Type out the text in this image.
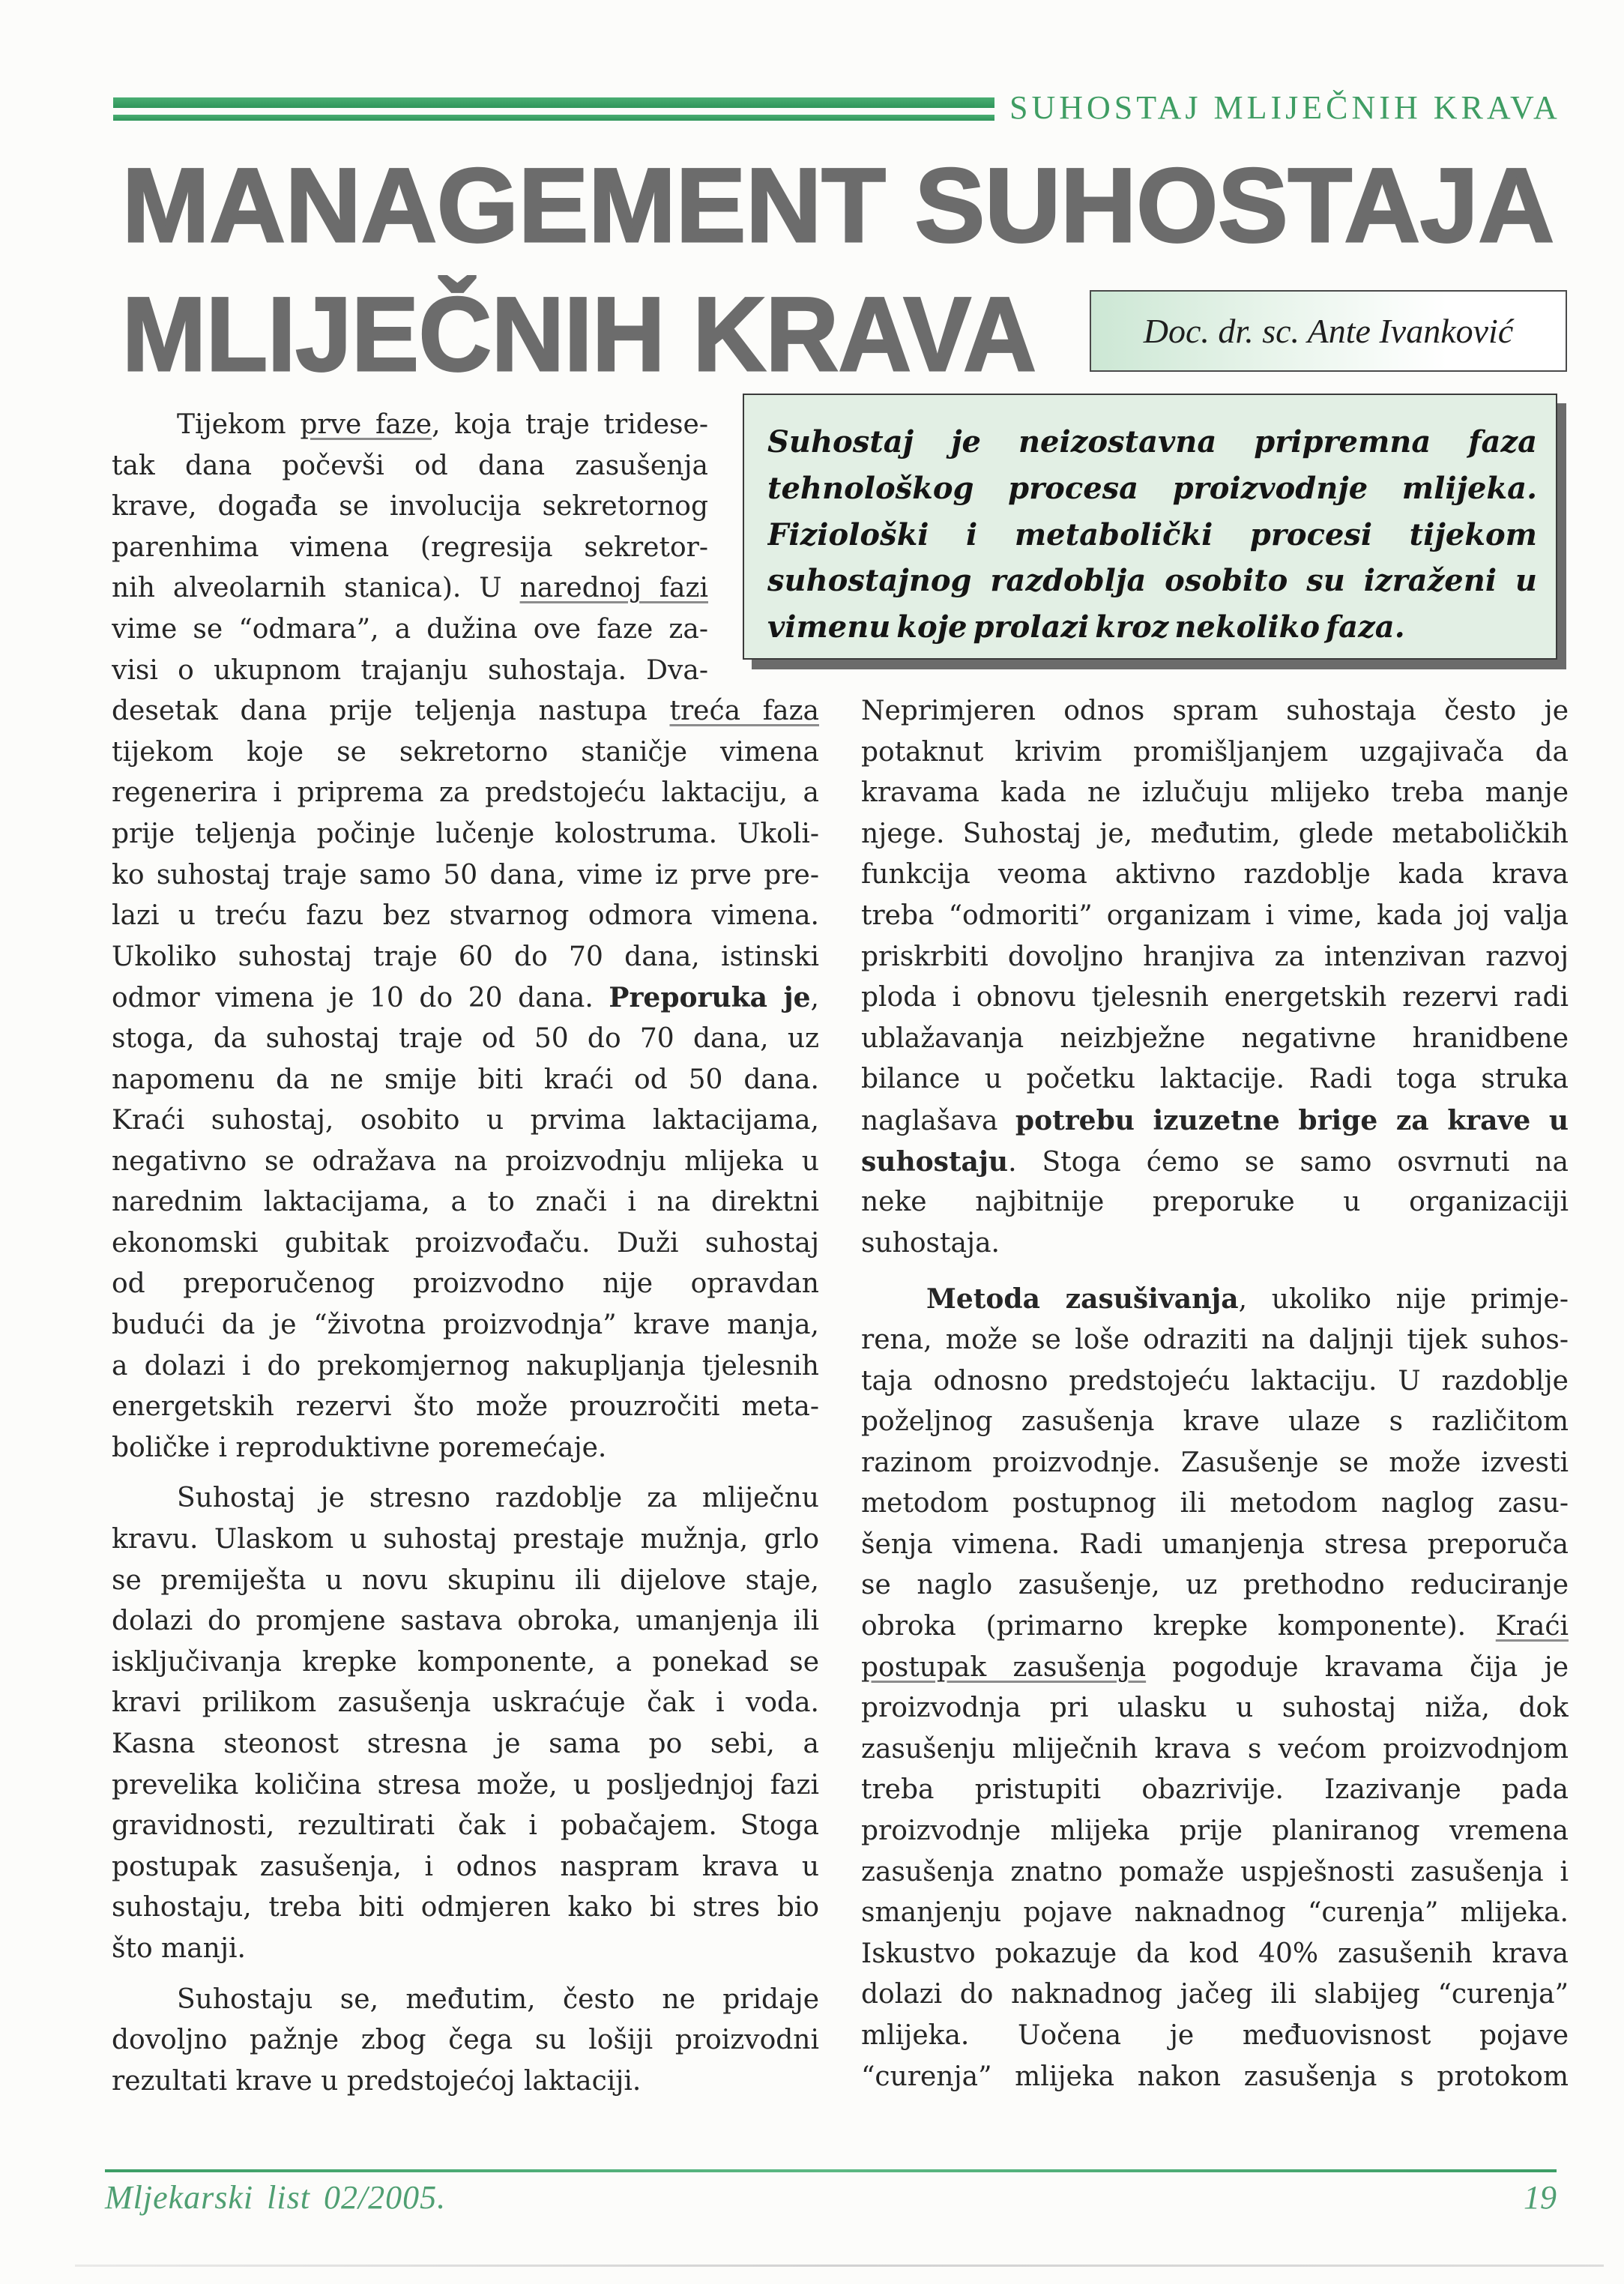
SUHOSTAJ MLIJEČNIH KRAVA
MANAGEMENT SUHOSTAJA
MLIJEČNIH KRAVA	Doc. dr. sc. Ante Ivanković
Suhostaj je neizostavna pripremna faza
tehnološkog procesa proizvodnje mlijeka.
Fiziološki i metabolički procesi tijekom
suhostajnog razdoblja osobito su izraženi u
vimenu koje prolazi kroz nekoliko faza.
Tijekom prve faze, koja traje tridese-
tak dana počevši od dana zasušenja
krave, događa se involucija sekretornog
parenhima vimena (regresija sekretor-
nih alveolarnih stanica). U narednoj fazi
vime se “odmara”, a dužina ove faze za-
visi o ukupnom trajanju suhostaja. Dva-
desetak dana prije teljenja nastupa treća faza
tijekom koje se sekretorno staničje vimena
regenerira i priprema za predstojeću laktaciju, a
prije teljenja počinje lučenje kolostruma. Ukoli-
ko suhostaj traje samo 50 dana, vime iz prve pre-
lazi u treću fazu bez stvarnog odmora vimena.
Ukoliko suhostaj traje 60 do 70 dana, istinski
odmor vimena je 10 do 20 dana. Preporuka je,
stoga, da suhostaj traje od 50 do 70 dana, uz
napomenu da ne smije biti kraći od 50 dana.
Kraći suhostaj, osobito u prvima laktacijama,
negativno se odražava na proizvodnju mlijeka u
narednim laktacijama, a to znači i na direktni
ekonomski gubitak proizvođaču. Duži suhostaj
od preporučenog proizvodno nije opravdan
budući da je “životna proizvodnja” krave manja,
a dolazi i do prekomjernog nakupljanja tjelesnih
energetskih rezervi što može prouzročiti meta-
boličke i reproduktivne poremećaje.
Suhostaj je stresno razdoblje za mliječnu
kravu. Ulaskom u suhostaj prestaje mužnja, grlo
se premiješta u novu skupinu ili dijelove staje,
dolazi do promjene sastava obroka, umanjenja ili
isključivanja krepke komponente, a ponekad se
kravi prilikom zasušenja uskraćuje čak i voda.
Kasna steonost stresna je sama po sebi, a
prevelika količina stresa može, u posljednjoj fazi
gravidnosti, rezultirati čak i pobačajem. Stoga
postupak zasušenja, i odnos naspram krava u
suhostaju, treba biti odmjeren kako bi stres bio
što manji.
Suhostaju se, međutim, često ne pridaje
dovoljno pažnje zbog čega su lošiji proizvodni
rezultati krave u predstojećoj laktaciji.
Neprimjeren odnos spram suhostaja često je
potaknut krivim promišljanjem uzgajivača da
kravama kada ne izlučuju mlijeko treba manje
njege. Suhostaj je, međutim, glede metaboličkih
funkcija veoma aktivno razdoblje kada krava
treba “odmoriti” organizam i vime, kada joj valja
priskrbiti dovoljno hranjiva za intenzivan razvoj
ploda i obnovu tjelesnih energetskih rezervi radi
ublažavanja neizbježne negativne hranidbene
bilance u početku laktacije. Radi toga struka
naglašava potrebu izuzetne brige za krave u
suhostaju. Stoga ćemo se samo osvrnuti na
neke najbitnije preporuke u organizaciji
suhostaja.
Metoda zasušivanja, ukoliko nije primje-
rena, može se loše odraziti na daljnji tijek suhos-
taja odnosno predstojeću laktaciju. U razdoblje
poželjnog zasušenja krave ulaze s različitom
razinom proizvodnje. Zasušenje se može izvesti
metodom postupnog ili metodom naglog zasu-
šenja vimena. Radi umanjenja stresa preporuča
se naglo zasušenje, uz prethodno reduciranje
obroka (primarno krepke komponente). Kraći
postupak zasušenja pogoduje kravama čija je
proizvodnja pri ulasku u suhostaj niža, dok
zasušenju mliječnih krava s većom proizvodnjom
treba pristupiti obazrivije. Izazivanje pada
proizvodnje mlijeka prije planiranog vremena
zasušenja znatno pomaže uspješnosti zasušenja i
smanjenju pojave naknadnog “curenja” mlijeka.
Iskustvo pokazuje da kod 40% zasušenih krava
dolazi do naknadnog jačeg ili slabijeg “curenja”
mlijeka. Uočena je međuovisnost pojave
“curenja” mlijeka nakon zasušenja s protokom
Mljekarski list 02/2005.	19
